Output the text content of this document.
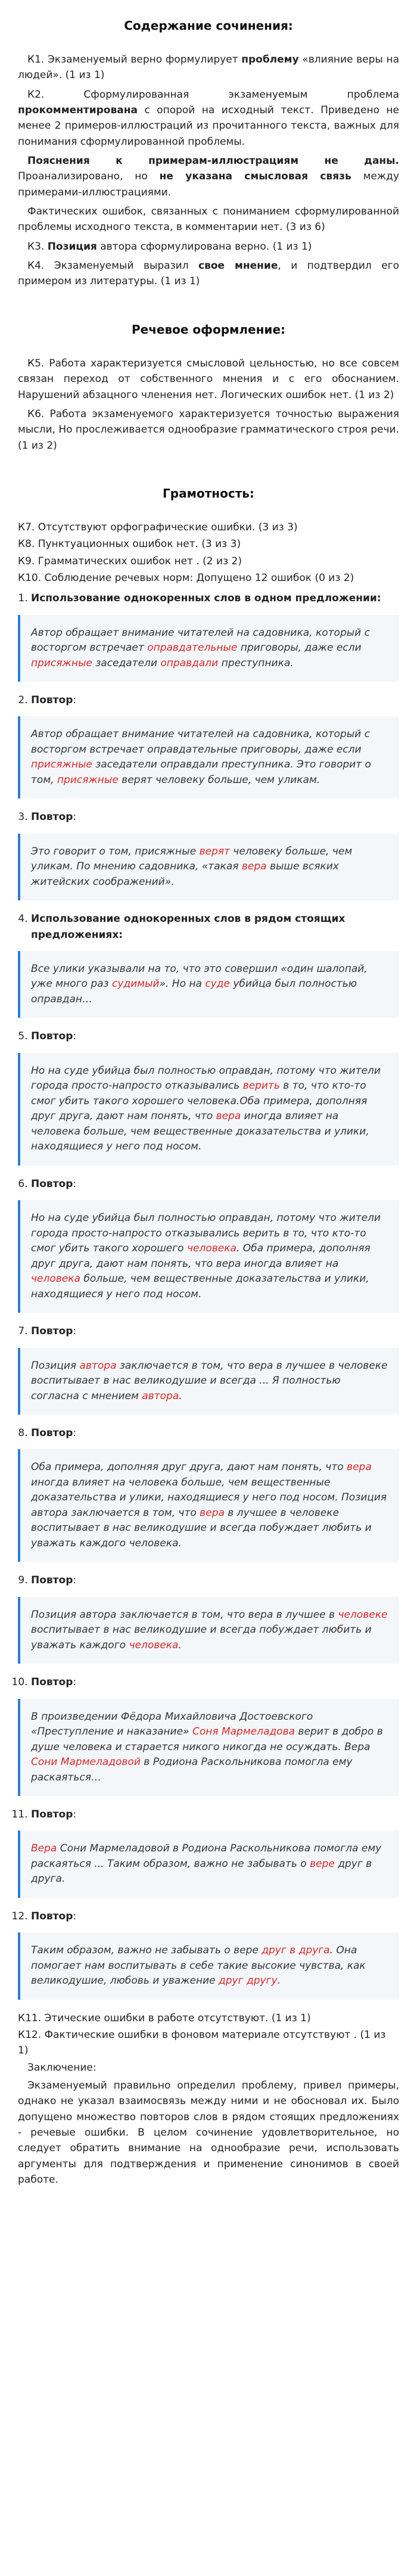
Содержание сочинения:

К1. Экзаменуемый верно формулирует проблему «влияние веры на людей». (1 из 1)

К2. Сформулированная экзаменуемым проблема прокомментирована с опорой на исходный текст. Приведено не менее 2 примеров-иллюстраций из прочитанного текста, важных для понимания сформулированной проблемы.

Пояснения к примерам-иллюстрациям не даны. Проанализировано, но не указана смысловая связь между примерами-иллюстрациями.

Фактических ошибок, связанных с пониманием сформулированной проблемы исходного текста, в комментарии нет. (3 из 6)

К3. Позиция автора сформулирована верно. (1 из 1)

К4. Экзаменуемый выразил свое мнение, и подтвердил его примером из литературы. (1 из 1)

Речевое оформление:

К5. Работа характеризуется смысловой цельностью, но все совсем связан переход от собственного мнения и с его обоснанием. Нарушений абзацного членения нет. Логических ошибок нет. (1 из 2)

К6. Работа экзаменуемого характеризуется точностью выражения мысли, Но прослеживается однообразие грамматического строя речи. (1 из 2)

Грамотность:

К7. Отсутствуют орфографические ошибки. (3 из 3)

К8. Пунктуационных ошибок нет. (3 из 3)

К9. Грамматических ошибок нет . (2 из 2)

К10. Соблюдение речевых норм: Допущено 12 ошибок (0 из 2)

1. Использование однокоренных слов в одном предложении:
Автор обращает внимание читателей на садовника, который с восторгом встречает оправдательные приговоры, даже если присяжные заседатели оправдали преступника.
2. Повтор:
Автор обращает внимание читателей на садовника, который с восторгом встречает оправдательные приговоры, даже если присяжные заседатели оправдали преступника. Это говорит о том, присяжные верят человеку больше, чем уликам.
3. Повтор:
Это говорит о том, присяжные верят человеку больше, чем уликам. По мнению садовника, «такая вера выше всяких житейских соображений».
4. Использование однокоренных слов в рядом стоящих предложениях:
Все улики указывали на то, что это совершил «один шалопай, уже много раз судимый». Но на суде убийца был полностью оправдан…
5. Повтор:
Но на суде убийца был полностью оправдан, потому что жители города просто-напросто отказывались верить в то, что кто-то смог убить такого хорошего человека.Оба примера, дополняя друг друга, дают нам понять, что вера иногда влияет на человека больше, чем вещественные доказательства и улики, находящиеся у него под носом.
6. Повтор:
Но на суде убийца был полностью оправдан, потому что жители города просто-напросто отказывались верить в то, что кто-то смог убить такого хорошего человека. Оба примера, дополняя друг друга, дают нам понять, что вера иногда влияет на человека больше, чем вещественные доказательства и улики, находящиеся у него под носом.
7. Повтор:
Позиция автора заключается в том, что вера в лучшее в человеке воспитывает в нас великодушие и всегда ... Я полностью согласна с мнением автора.
8. Повтор:
Оба примера, дополняя друг друга, дают нам понять, что вера иногда влияет на человека больше, чем вещественные доказательства и улики, находящиеся у него под носом. Позиция автора заключается в том, что вера в лучшее в человеке воспитывает в нас великодушие и всегда побуждает любить и уважать каждого человека.
9. Повтор:
Позиция автора заключается в том, что вера в лучшее в человеке воспитывает в нас великодушие и всегда побуждает любить и уважать каждого человека.
10. Повтор:
В произведении Фёдора Михайловича Достоевского «Преступление и наказание» Соня Мармеладова верит в добро в душе человека и старается никого никогда не осуждать. Вера Сони Мармеладовой в Родиона Раскольникова помогла ему раскаяться…
11. Повтор:
Вера Сони Мармеладовой в Родиона Раскольникова помогла ему раскаяться ... Таким образом, важно не забывать о вере друг в друга.
12. Повтор:
Таким образом, важно не забывать о вере друг в друга. Она помогает нам воспитывать в себе такие высокие чувства, как великодушие, любовь и уважение друг другу.

К11. Этические ошибки в работе отсутствуют. (1 из 1)

К12. Фактические ошибки в фоновом материале отсутствуют . (1 из 1)

Заключение:

Экзаменуемый правильно определил проблему, привел примеры, однако не указал взаимосвязь между ними и не обосновал их. Было допущено множество повторов слов в рядом стоящих предложениях - речевые ошибки. В целом сочинение удовлетворительное, но следует обратить внимание на однообразие речи, использовать аргументы для подтверждения и применение синонимов в своей работе.
